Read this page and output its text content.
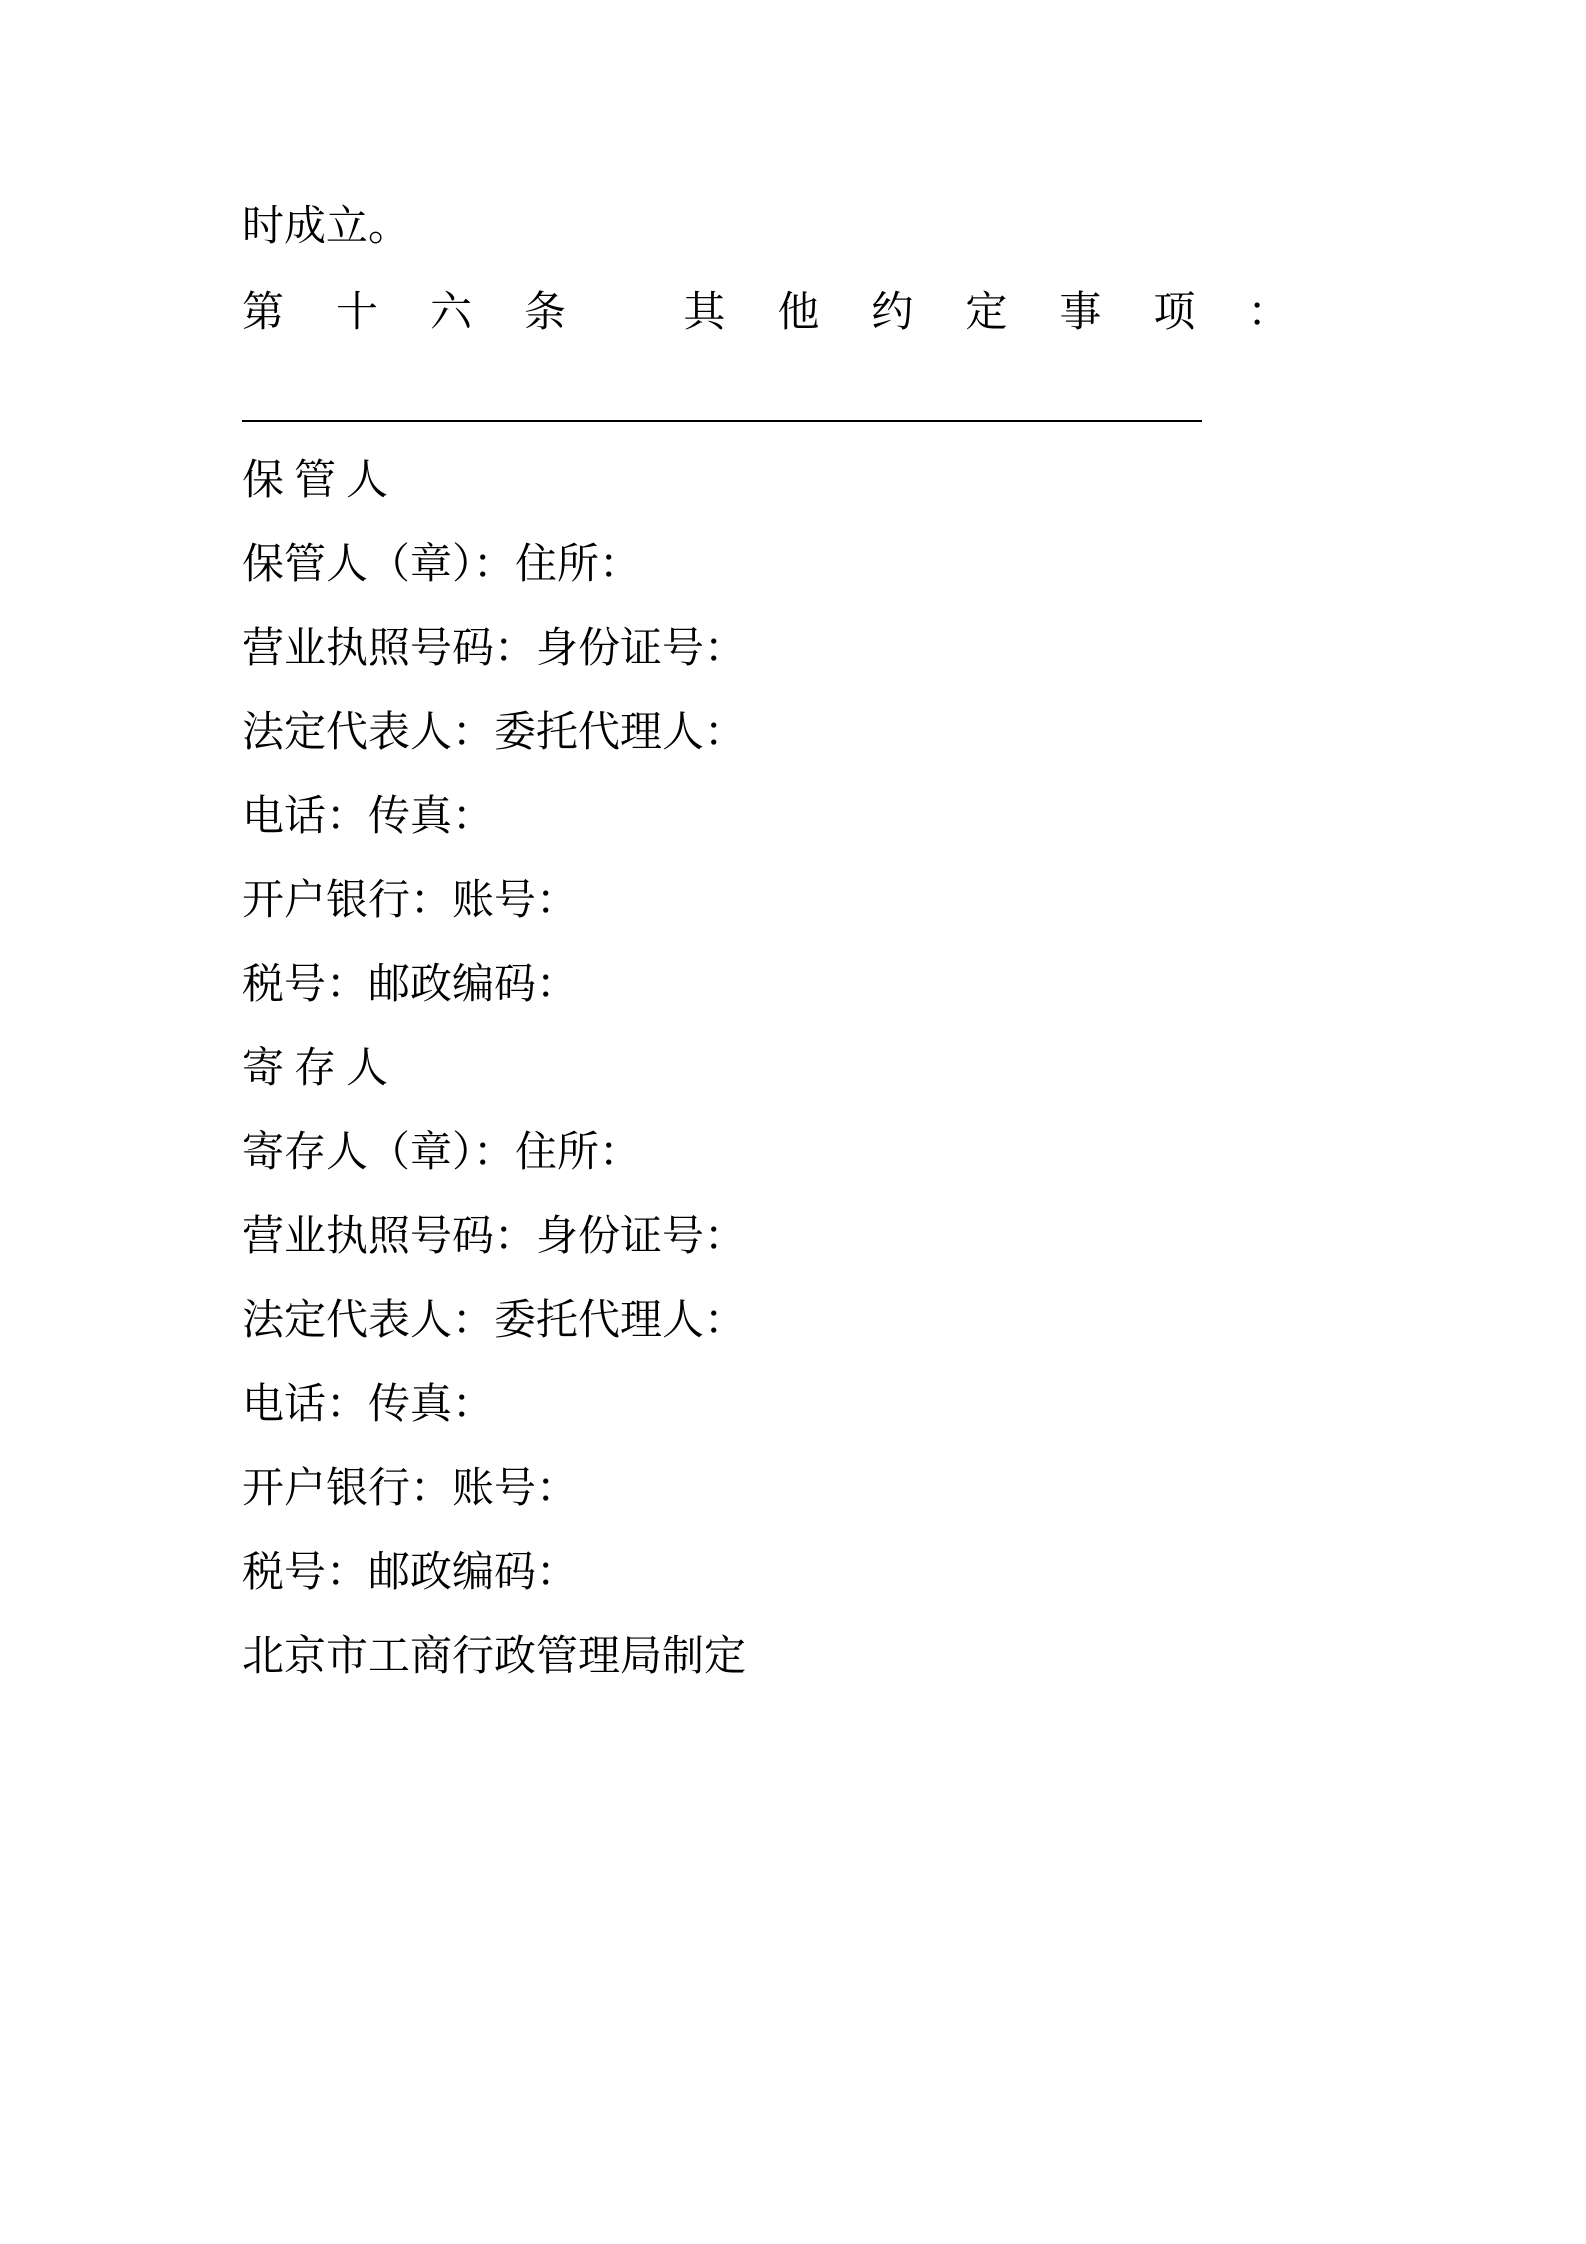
时成立。

第十六条 其他约定事项：

保管人

保管人（章）：住所：

营业执照号码：身份证号：

法定代表人：委托代理人：

电话：传真：

开户银行：账号：

税号：邮政编码：

寄存人

寄存人（章）：住所：

营业执照号码：身份证号：

法定代表人：委托代理人：

电话：传真：

开户银行：账号：

税号：邮政编码：

北京市工商行政管理局制定
